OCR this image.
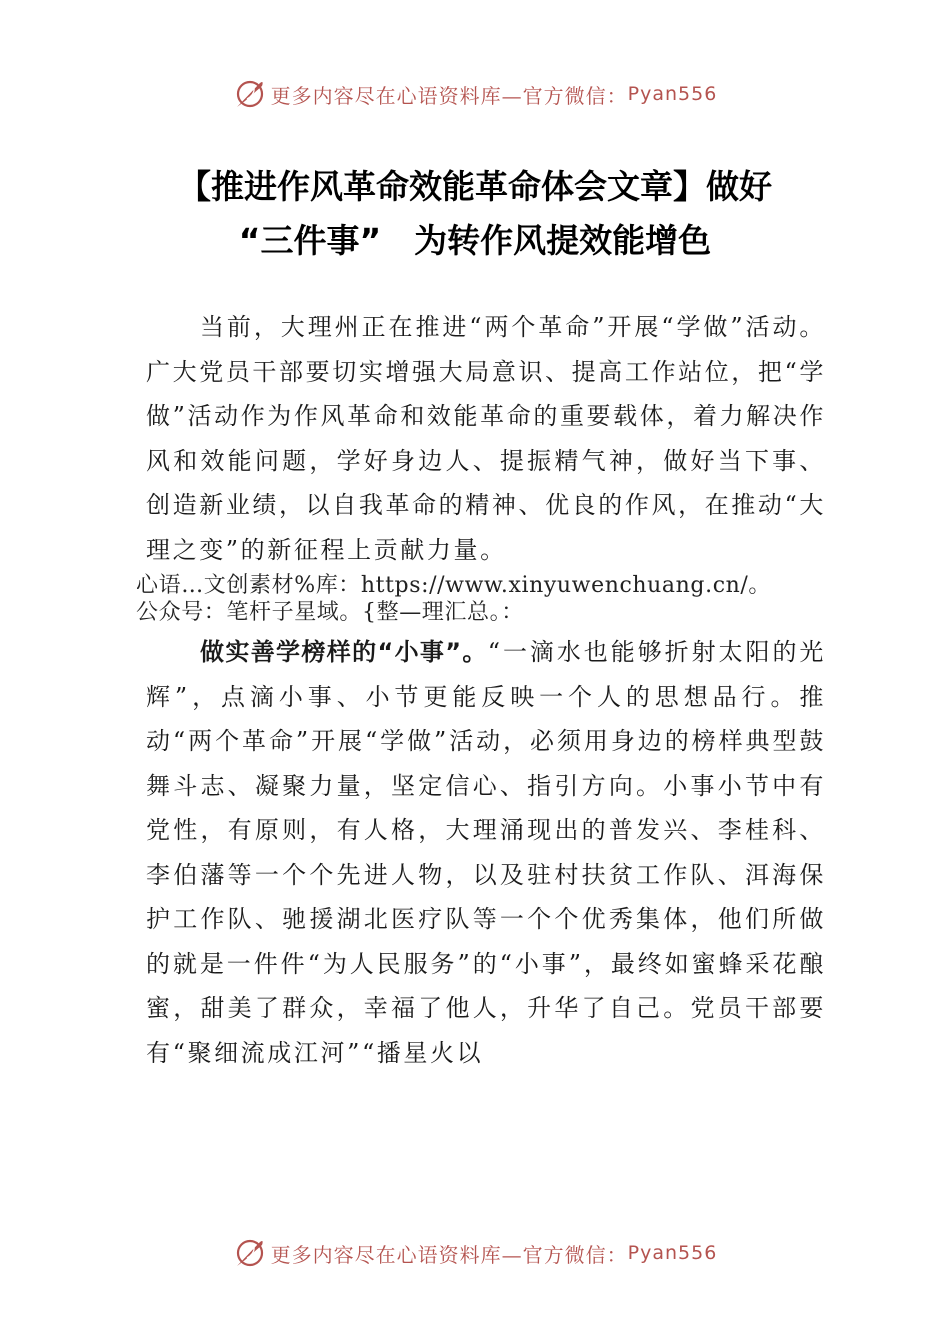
更多内容尽在心语资料库—官方微信： Pyan556
【推进作风革命效能革命体会文章】做好
“三件事”　为转作风提效能增色

当前，大理州正在推进“两个革命”开展“学做”活动。广大党员干部要切实增强大局意识、提高工作站位，把“学做”活动作为作风革命和效能革命的重要载体，着力解决作风和效能问题，学好身边人、提振精气神，做好当下事、创造新业绩，以自我革命的精神、优良的作风，在推动“大理之变”的新征程上贡献力量。

心语…文创素材%库：https://www.xinyuwenchuang.cn/。
公众号：笔杆子星域。{整—理汇总。：

做实善学榜样的“小事”。“一滴水也能够折射太阳的光辉”，点滴小事、小节更能反映一个人的思想品行。推动“两个革命”开展“学做”活动，必须用身边的榜样典型鼓舞斗志、凝聚力量，坚定信心、指引方向。小事小节中有党性，有原则，有人格，大理涌现出的普发兴、李桂科、李伯藩等一个个先进人物，以及驻村扶贫工作队、洱海保护工作队、驰援湖北医疗队等一个个优秀集体，他们所做的就是一件件“为人民服务”的“小事”，最终如蜜蜂采花酿蜜，甜美了群众，幸福了他人，升华了自己。党员干部要有“聚细流成江河”“播星火以

更多内容尽在心语资料库—官方微信： Pyan556
